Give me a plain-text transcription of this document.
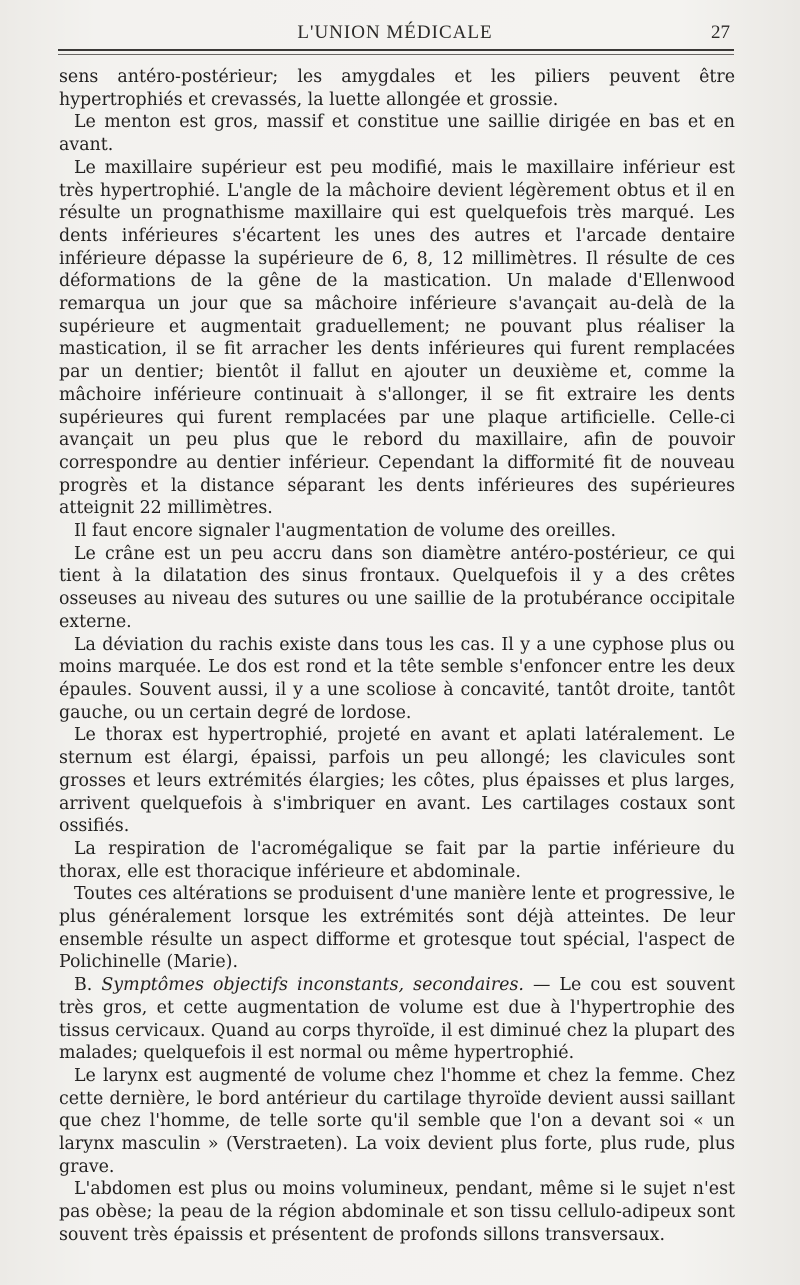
L'UNION MÉDICALE	27

sens antéro-postérieur; les amygdales et les piliers peuvent être hypertrophiés et crevassés, la luette allongée et grossie.

Le menton est gros, massif et constitue une saillie dirigée en bas et en avant.

Le maxillaire supérieur est peu modifié, mais le maxillaire inférieur est très hypertrophié. L'angle de la mâchoire devient légèrement obtus et il en résulte un prognathisme maxillaire qui est quelquefois très marqué. Les dents inférieures s'écartent les unes des autres et l'arcade dentaire inférieure dépasse la supérieure de 6, 8, 12 millimètres. Il résulte de ces déformations de la gêne de la mastication. Un malade d'Ellenwood remarqua un jour que sa mâchoire inférieure s'avançait au-delà de la supérieure et augmentait graduellement; ne pouvant plus réaliser la mastication, il se fit arracher les dents inférieures qui furent remplacées par un dentier; bientôt il fallut en ajouter un deuxième et, comme la mâchoire inférieure continuait à s'allonger, il se fit extraire les dents supérieures qui furent remplacées par une plaque artificielle. Celle-ci avançait un peu plus que le rebord du maxillaire, afin de pouvoir correspondre au dentier inférieur. Cependant la difformité fit de nouveau progrès et la distance séparant les dents inférieures des supérieures atteignit 22 millimètres.

Il faut encore signaler l'augmentation de volume des oreilles.

Le crâne est un peu accru dans son diamètre antéro-postérieur, ce qui tient à la dilatation des sinus frontaux. Quelquefois il y a des crêtes osseuses au niveau des sutures ou une saillie de la protubérance occipitale externe.

La déviation du rachis existe dans tous les cas. Il y a une cyphose plus ou moins marquée. Le dos est rond et la tête semble s'enfoncer entre les deux épaules. Souvent aussi, il y a une scoliose à concavité, tantôt droite, tantôt gauche, ou un certain degré de lordose.

Le thorax est hypertrophié, projeté en avant et aplati latéralement. Le sternum est élargi, épaissi, parfois un peu allongé; les clavicules sont grosses et leurs extrémités élargies; les côtes, plus épaisses et plus larges, arrivent quelquefois à s'imbriquer en avant. Les cartilages costaux sont ossifiés.

La respiration de l'acromégalique se fait par la partie inférieure du thorax, elle est thoracique inférieure et abdominale.

Toutes ces altérations se produisent d'une manière lente et progressive, le plus généralement lorsque les extrémités sont déjà atteintes. De leur ensemble résulte un aspect difforme et grotesque tout spécial, l'aspect de Polichinelle (Marie).

B. Symptômes objectifs inconstants, secondaires. — Le cou est souvent très gros, et cette augmentation de volume est due à l'hypertrophie des tissus cervicaux. Quand au corps thyroïde, il est diminué chez la plupart des malades; quelquefois il est normal ou même hypertrophié.

Le larynx est augmenté de volume chez l'homme et chez la femme. Chez cette dernière, le bord antérieur du cartilage thyroïde devient aussi saillant que chez l'homme, de telle sorte qu'il semble que l'on a devant soi « un larynx masculin » (Verstraeten). La voix devient plus forte, plus rude, plus grave.

L'abdomen est plus ou moins volumineux, pendant, même si le sujet n'est pas obèse; la peau de la région abdominale et son tissu cellulo-adipeux sont souvent très épaissis et présentent de profonds sillons transversaux.
